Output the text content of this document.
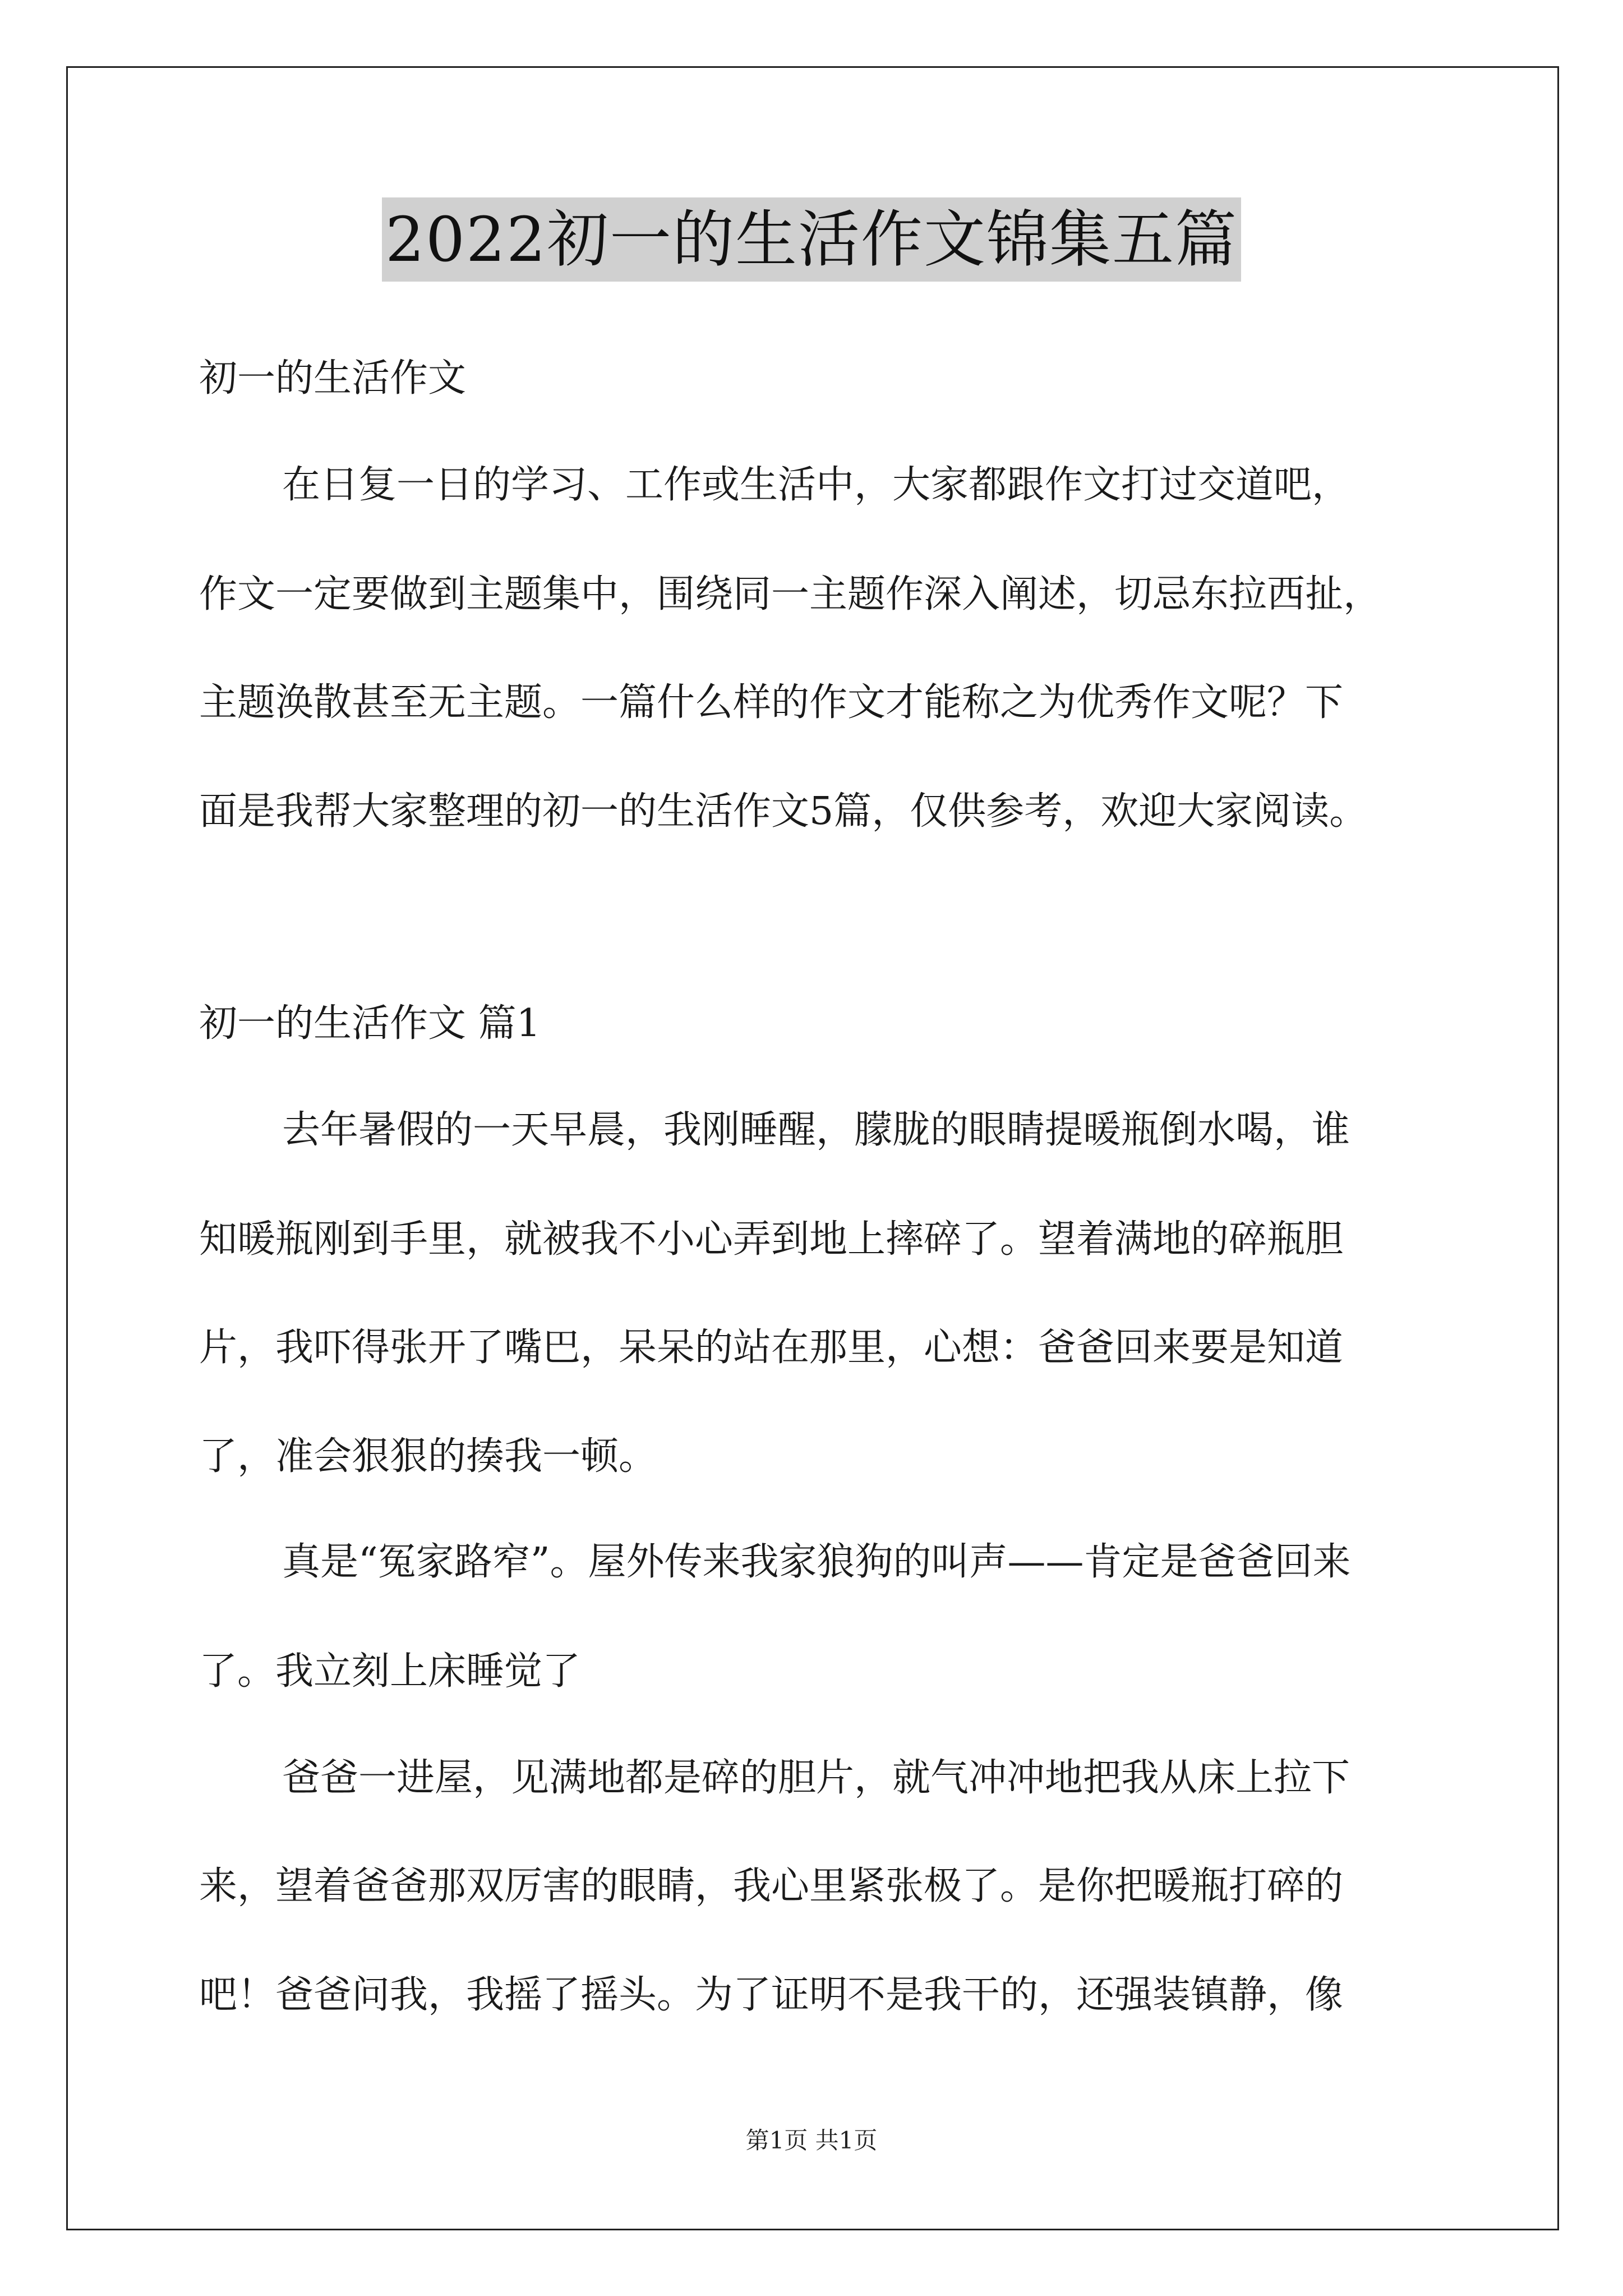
2022初一的生活作文锦集五篇
初一的生活作文
在日复一日的学习、工作或生活中，大家都跟作文打过交道吧，
作文一定要做到主题集中，围绕同一主题作深入阐述，切忌东拉西扯，
主题涣散甚至无主题。一篇什么样的作文才能称之为优秀作文呢？下
面是我帮大家整理的初一的生活作文5篇，仅供参考，欢迎大家阅读。
初一的生活作文 篇1
去年暑假的一天早晨，我刚睡醒，朦胧的眼睛提暖瓶倒水喝，谁
知暖瓶刚到手里，就被我不小心弄到地上摔碎了。望着满地的碎瓶胆
片，我吓得张开了嘴巴，呆呆的站在那里，心想：爸爸回来要是知道
了，准会狠狠的揍我一顿。
真是“冤家路窄”。屋外传来我家狼狗的叫声——肯定是爸爸回来
了。我立刻上床睡觉了
爸爸一进屋，见满地都是碎的胆片，就气冲冲地把我从床上拉下
来，望着爸爸那双厉害的眼睛，我心里紧张极了。是你把暖瓶打碎的
吧！爸爸问我，我摇了摇头。为了证明不是我干的，还强装镇静，像
第1页 共1页
